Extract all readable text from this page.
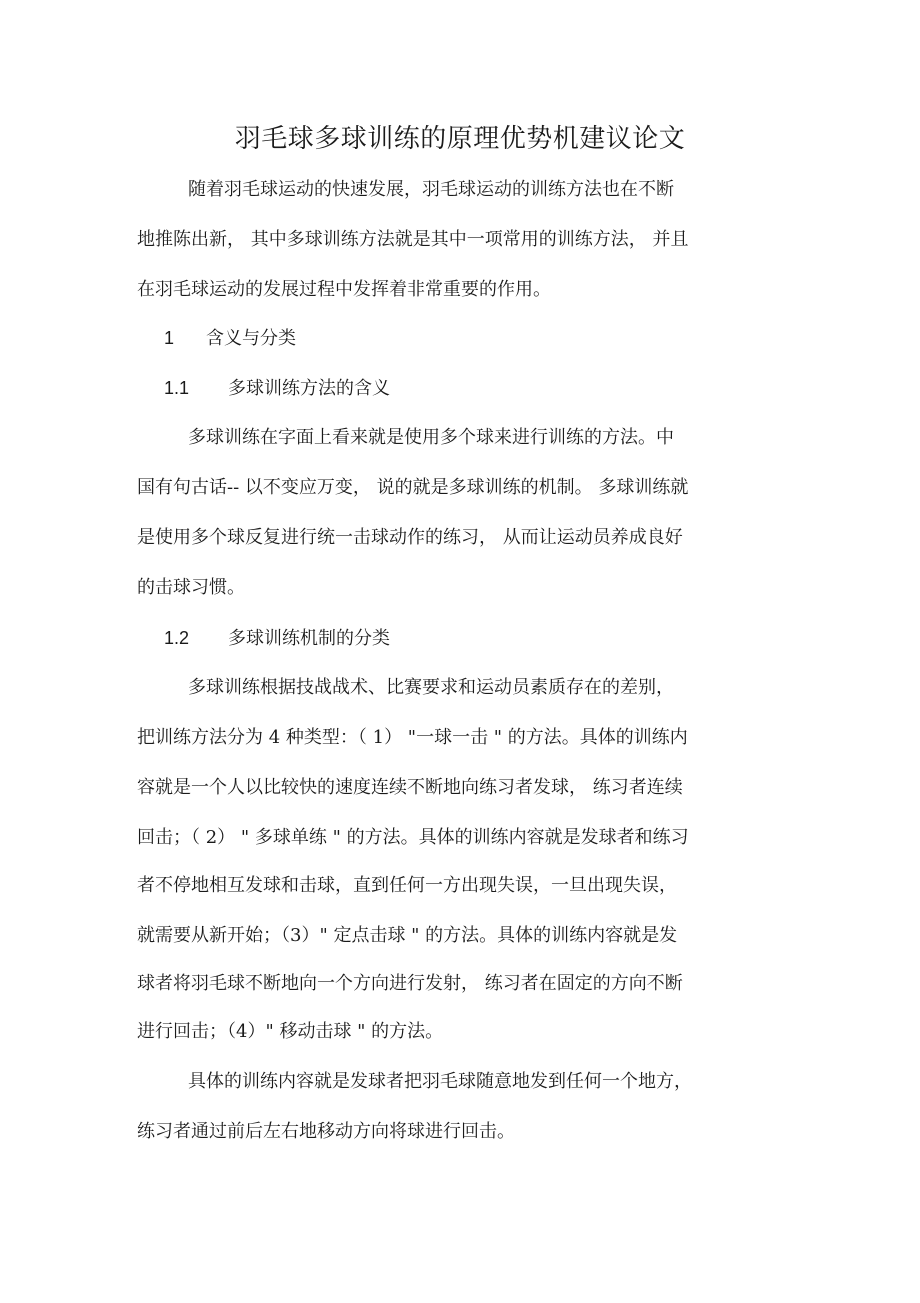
羽毛球多球训练的原理优势机建议论文
随着羽毛球运动的快速发展，羽毛球运动的训练方法也在不断
地推陈出新， 其中多球训练方法就是其中一项常用的训练方法， 并且
在羽毛球运动的发展过程中发挥着非常重要的作用。
1 含义与分类
1.1 多球训练方法的含义
多球训练在字面上看来就是使用多个球来进行训练的方法。中
国有句古话-- 以不变应万变， 说的就是多球训练的机制。 多球训练就
是使用多个球反复进行统一击球动作的练习， 从而让运动员养成良好
的击球习惯。
1.2 多球训练机制的分类
多球训练根据技战战术、比赛要求和运动员素质存在的差别，
把训练方法分为 4 种类型：（ 1） "一球一击 " 的方法。具体的训练内
容就是一个人以比较快的速度连续不断地向练习者发球， 练习者连续
回击；（ 2） " 多球单练 " 的方法。具体的训练内容就是发球者和练习
者不停地相互发球和击球，直到任何一方出现失误，一旦出现失误，
就需要从新开始；（3）" 定点击球 " 的方法。具体的训练内容就是发
球者将羽毛球不断地向一个方向进行发射， 练习者在固定的方向不断
进行回击；（4）" 移动击球 " 的方法。
具体的训练内容就是发球者把羽毛球随意地发到任何一个地方，
练习者通过前后左右地移动方向将球进行回击。
